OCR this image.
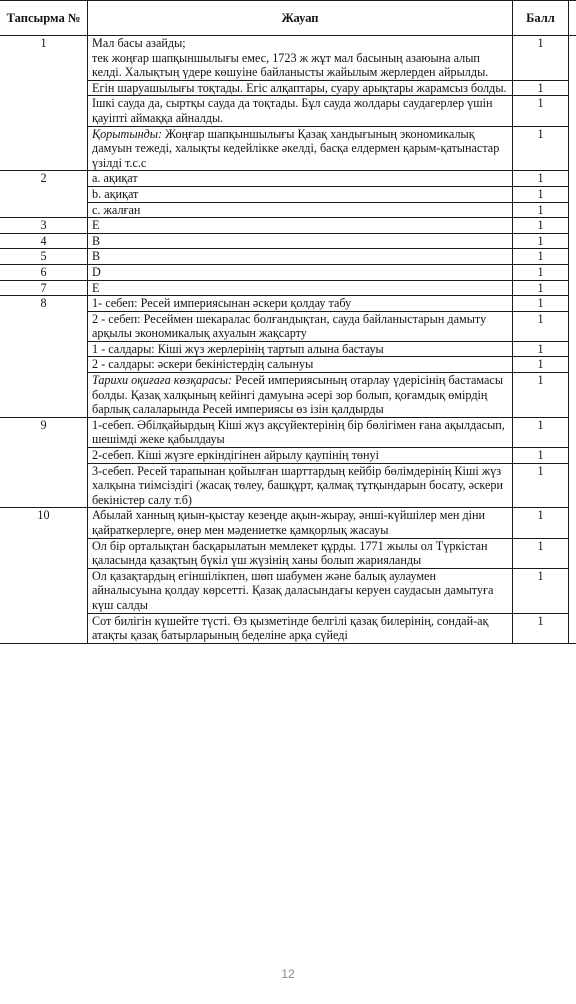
Тапсырма №	Жауап	Балл	
1	Мал басы азайды;
тек жоңғар шапқыншылығы емес, 1723 ж жұт мал басының азаюына алып келді. Халықтың үдере көшуіне байланысты жайылым жерлерден айрылды.	1	

	Егін шаруашылығы тоқтады. Егіс алқаптары, суару арықтары жарамсыз болды.	1	

	Ішкі сауда да, сыртқы сауда да тоқтады. Бұл сауда жолдары саудагерлер үшін қауіпті аймаққа айналды.	1	

	Қорытынды: Жоңғар шапқыншылығы Қазақ хандығының экономикалық дамуын тежеді, халықты кедейлікке әкелді, басқа елдермен қарым-қатынастар үзілді т.с.с	1	
2	a. ақиқат	1	

	b. ақиқат	1	

	c. жалған	1	
3	E	1	
4	B	1	
5	B	1	
6	D	1	
7	E	1	
8	1- себеп: Ресей империясынан әскери қолдау табу	1	

	2 - себеп: Ресеймен шекаралас болғандықтан, сауда байланыстарын дамыту арқылы экономикалық ахуалын жақсарту	1	

	1 - салдары: Кіші жүз жерлерінің тартып алына бастауы	1	

	2 - салдары: әскери бекіністердің салынуы	1	

	Тарихи оқиғаға көзқарасы: Ресей империясының отарлау үдерісінің бастамасы болды. Қазақ халқының кейінгі дамуына әсері зор болып, қоғамдық өмірдің барлық салаларында Ресей империясы өз ізін қалдырды	1	
9	1-себеп. Әбілқайырдың Кіші жүз ақсүйектерінің бір бөлігімен ғана ақылдасып, шешімді жеке қабылдауы	1	

	2-себеп. Кіші жүзге еркіндігінен айрылу қаупінің төнуі	1	

	3-себеп. Ресей тарапынан қойылған шарттардың кейбір бөлімдерінің Кіші жүз халқына тиімсіздігі (жасақ төлеу, башқұрт, қалмақ тұтқындарын босату, әскери бекіністер салу т.б)	1	
10	Абылай ханның қиын-қыстау кезеңде ақын-жырау, әнші-күйшілер мен діни қайраткерлерге, өнер мен мәдениетке қамқорлық жасауы	1	

	Ол бір орталықтан басқарылатын мемлекет құрды. 1771 жылы ол Түркістан қаласында қазақтың бүкіл үш жүзінің ханы болып жарияланды	1	

	Ол қазақтардың егіншілікпен, шөп шабумен және балық аулаумен айналысуына қолдау көрсетті. Қазақ даласындағы керуен саудасын дамытуға күш салды	1	

	Сот билігін күшейте түсті. Өз қызметінде белгілі қазақ билерінің, сондай-ақ атақты қазақ батырларының беделіне арқа сүйеді	1	
12
